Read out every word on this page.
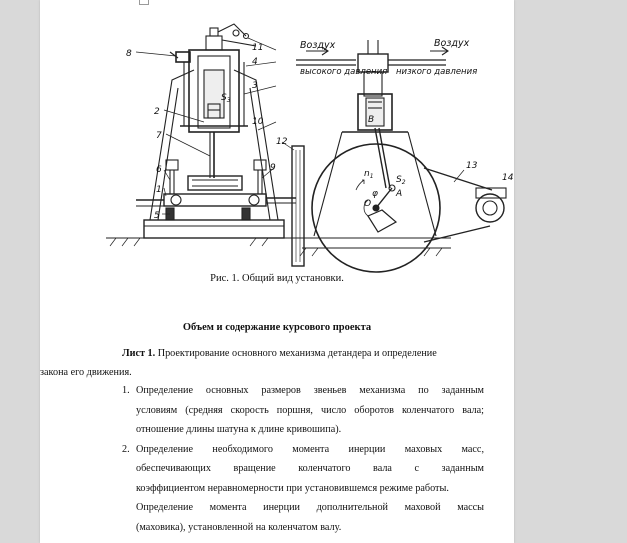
8
2
7
6
1
5
11
4
3
10
12
9	13
14
$S_3$
$S_2$
B
A
O
φ
$n_1$
Воздух
высокого давления
Воздух
низкого давления
Рис. 1. Общий вид установки.
Объем и содержание курсового проекта
Лист 1. Проектирование основного механизма детандера и определение
закона его движения.
1. Определение основных размеров звеньев механизма по заданным
условиям (средняя скорость поршня, число оборотов коленчатого вала;
отношение длины шатуна к длине кривошипа).
2. Определение необходимого момента инерции маховых масс,
обеспечивающих вращение коленчатого вала с заданным
коэффициентом неравномерности при установившемся режиме работы.
Определение момента инерции дополнительной маховой массы
(маховика), установленной на коленчатом валу.
